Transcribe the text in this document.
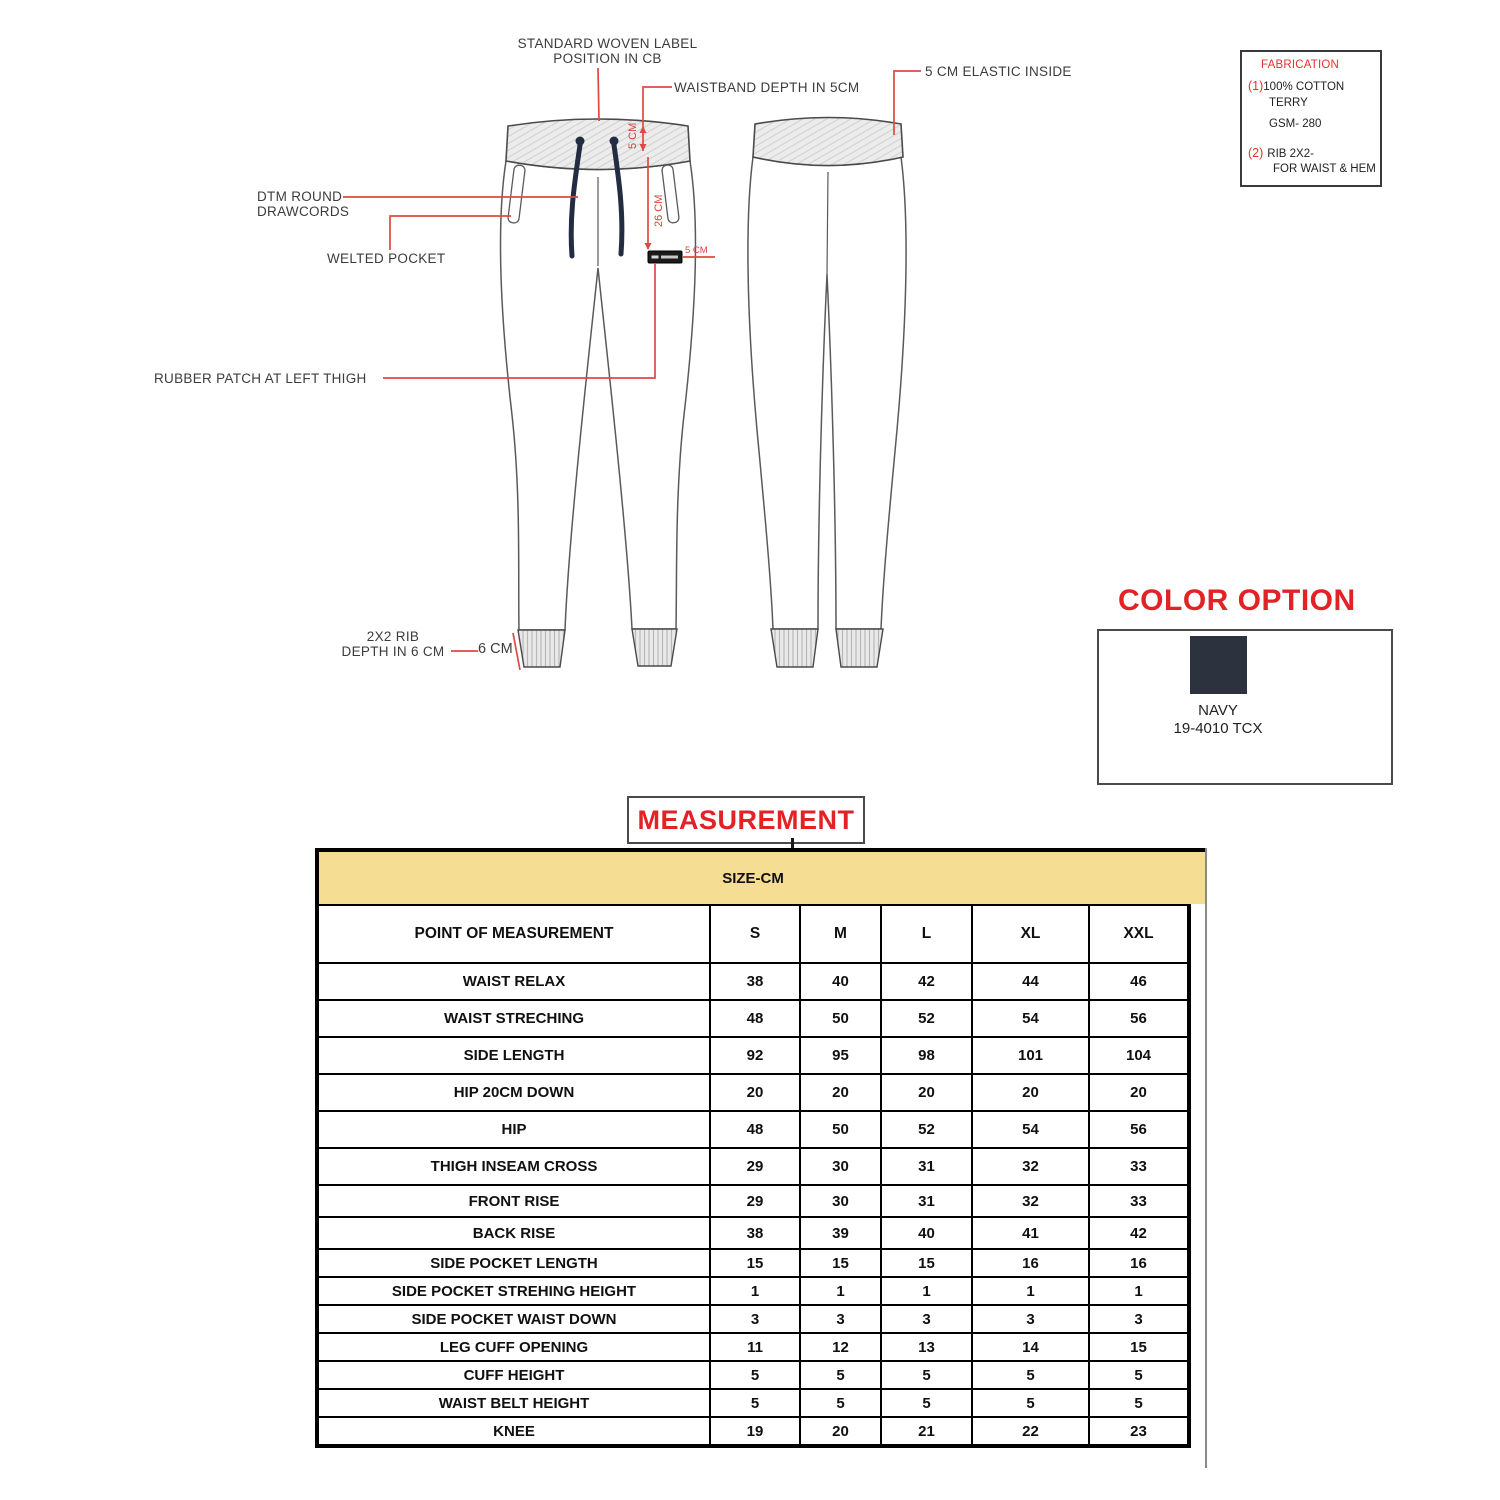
5 CM
26 CM
5 CM
STANDARD WOVEN LABEL
POSITION IN CB
WAISTBAND DEPTH IN 5CM
5 CM ELASTIC INSIDE
DTM ROUND
DRAWCORDS
WELTED POCKET
RUBBER PATCH AT LEFT THIGH
2X2 RIB
DEPTH IN 6 CM	6 CM
FABRICATION
(1)100% COTTON
TERRY
GSM- 280
(2) RIB 2X2-
FOR WAIST & HEM
COLOR OPTION
NAVY
19-4010 TCX
MEASUREMENT
SIZE-CM					
POINT OF MEASUREMENT	S	M	L	XL	XXL
WAIST RELAX	38	40	42	44	46
WAIST STRECHING	48	50	52	54	56
SIDE LENGTH	92	95	98	101	104
HIP 20CM DOWN	20	20	20	20	20
HIP	48	50	52	54	56
THIGH INSEAM CROSS	29	30	31	32	33
FRONT RISE	29	30	31	32	33
BACK RISE	38	39	40	41	42
SIDE POCKET LENGTH	15	15	15	16	16
SIDE POCKET STREHING HEIGHT	1	1	1	1	1
SIDE POCKET WAIST DOWN	3	3	3	3	3
LEG CUFF OPENING	11	12	13	14	15
CUFF HEIGHT	5	5	5	5	5
WAIST BELT HEIGHT	5	5	5	5	5
KNEE	19	20	21	22	23
